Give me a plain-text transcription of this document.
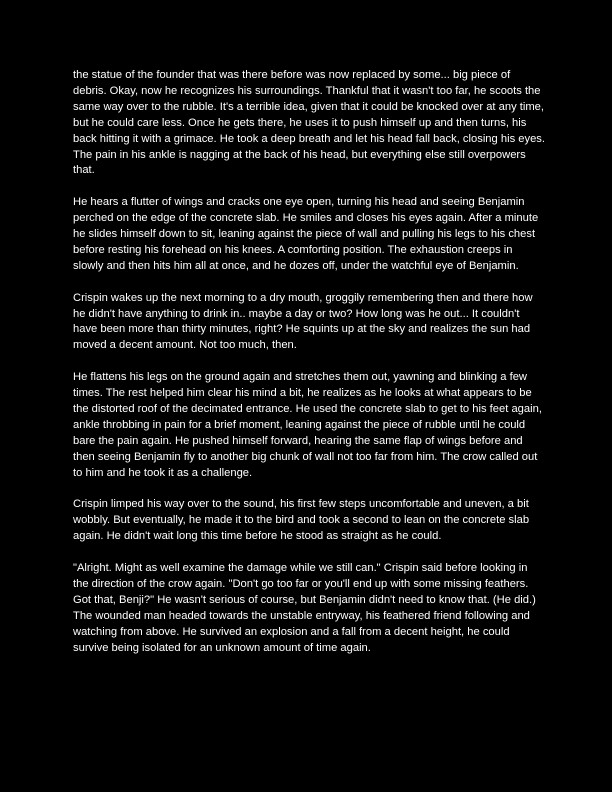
the statue of the founder that was there before was now replaced by some... big piece of debris. Okay, now he recognizes his surroundings. Thankful that it wasn't too far, he scoots the same way over to the rubble. It's a terrible idea, given that it could be knocked over at any time, but he could care less. Once he gets there, he uses it to push himself up and then turns, his back hitting it with a grimace. He took a deep breath and let his head fall back, closing his eyes. The pain in his ankle is nagging at the back of his head, but everything else still overpowers that.

He hears a flutter of wings and cracks one eye open, turning his head and seeing Benjamin perched on the edge of the concrete slab. He smiles and closes his eyes again. After a minute he slides himself down to sit, leaning against the piece of wall and pulling his legs to his chest before resting his forehead on his knees. A comforting position. The exhaustion creeps in slowly and then hits him all at once, and he dozes off, under the watchful eye of Benjamin.

Crispin wakes up the next morning to a dry mouth, groggily remembering then and there how he didn't have anything to drink in.. maybe a day or two? How long was he out... It couldn't have been more than thirty minutes, right? He squints up at the sky and realizes the sun had moved a decent amount. Not too much, then.

He flattens his legs on the ground again and stretches them out, yawning and blinking a few times. The rest helped him clear his mind a bit, he realizes as he looks at what appears to be the distorted roof of the decimated entrance. He used the concrete slab to get to his feet again, ankle throbbing in pain for a brief moment, leaning against the piece of rubble until he could bare the pain again. He pushed himself forward, hearing the same flap of wings before and then seeing Benjamin fly to another big chunk of wall not too far from him. The crow called out to him and he took it as a challenge.

Crispin limped his way over to the sound, his first few steps uncomfortable and uneven, a bit wobbly. But eventually, he made it to the bird and took a second to lean on the concrete slab again. He didn't wait long this time before he stood as straight as he could.

"Alright. Might as well examine the damage while we still can." Crispin said before looking in the direction of the crow again. "Don't go too far or you'll end up with some missing feathers. Got that, Benji?" He wasn't serious of course, but Benjamin didn't need to know that. (He did.) The wounded man headed towards the unstable entryway, his feathered friend following and watching from above. He survived an explosion and a fall from a decent height, he could survive being isolated for an unknown amount of time again.
